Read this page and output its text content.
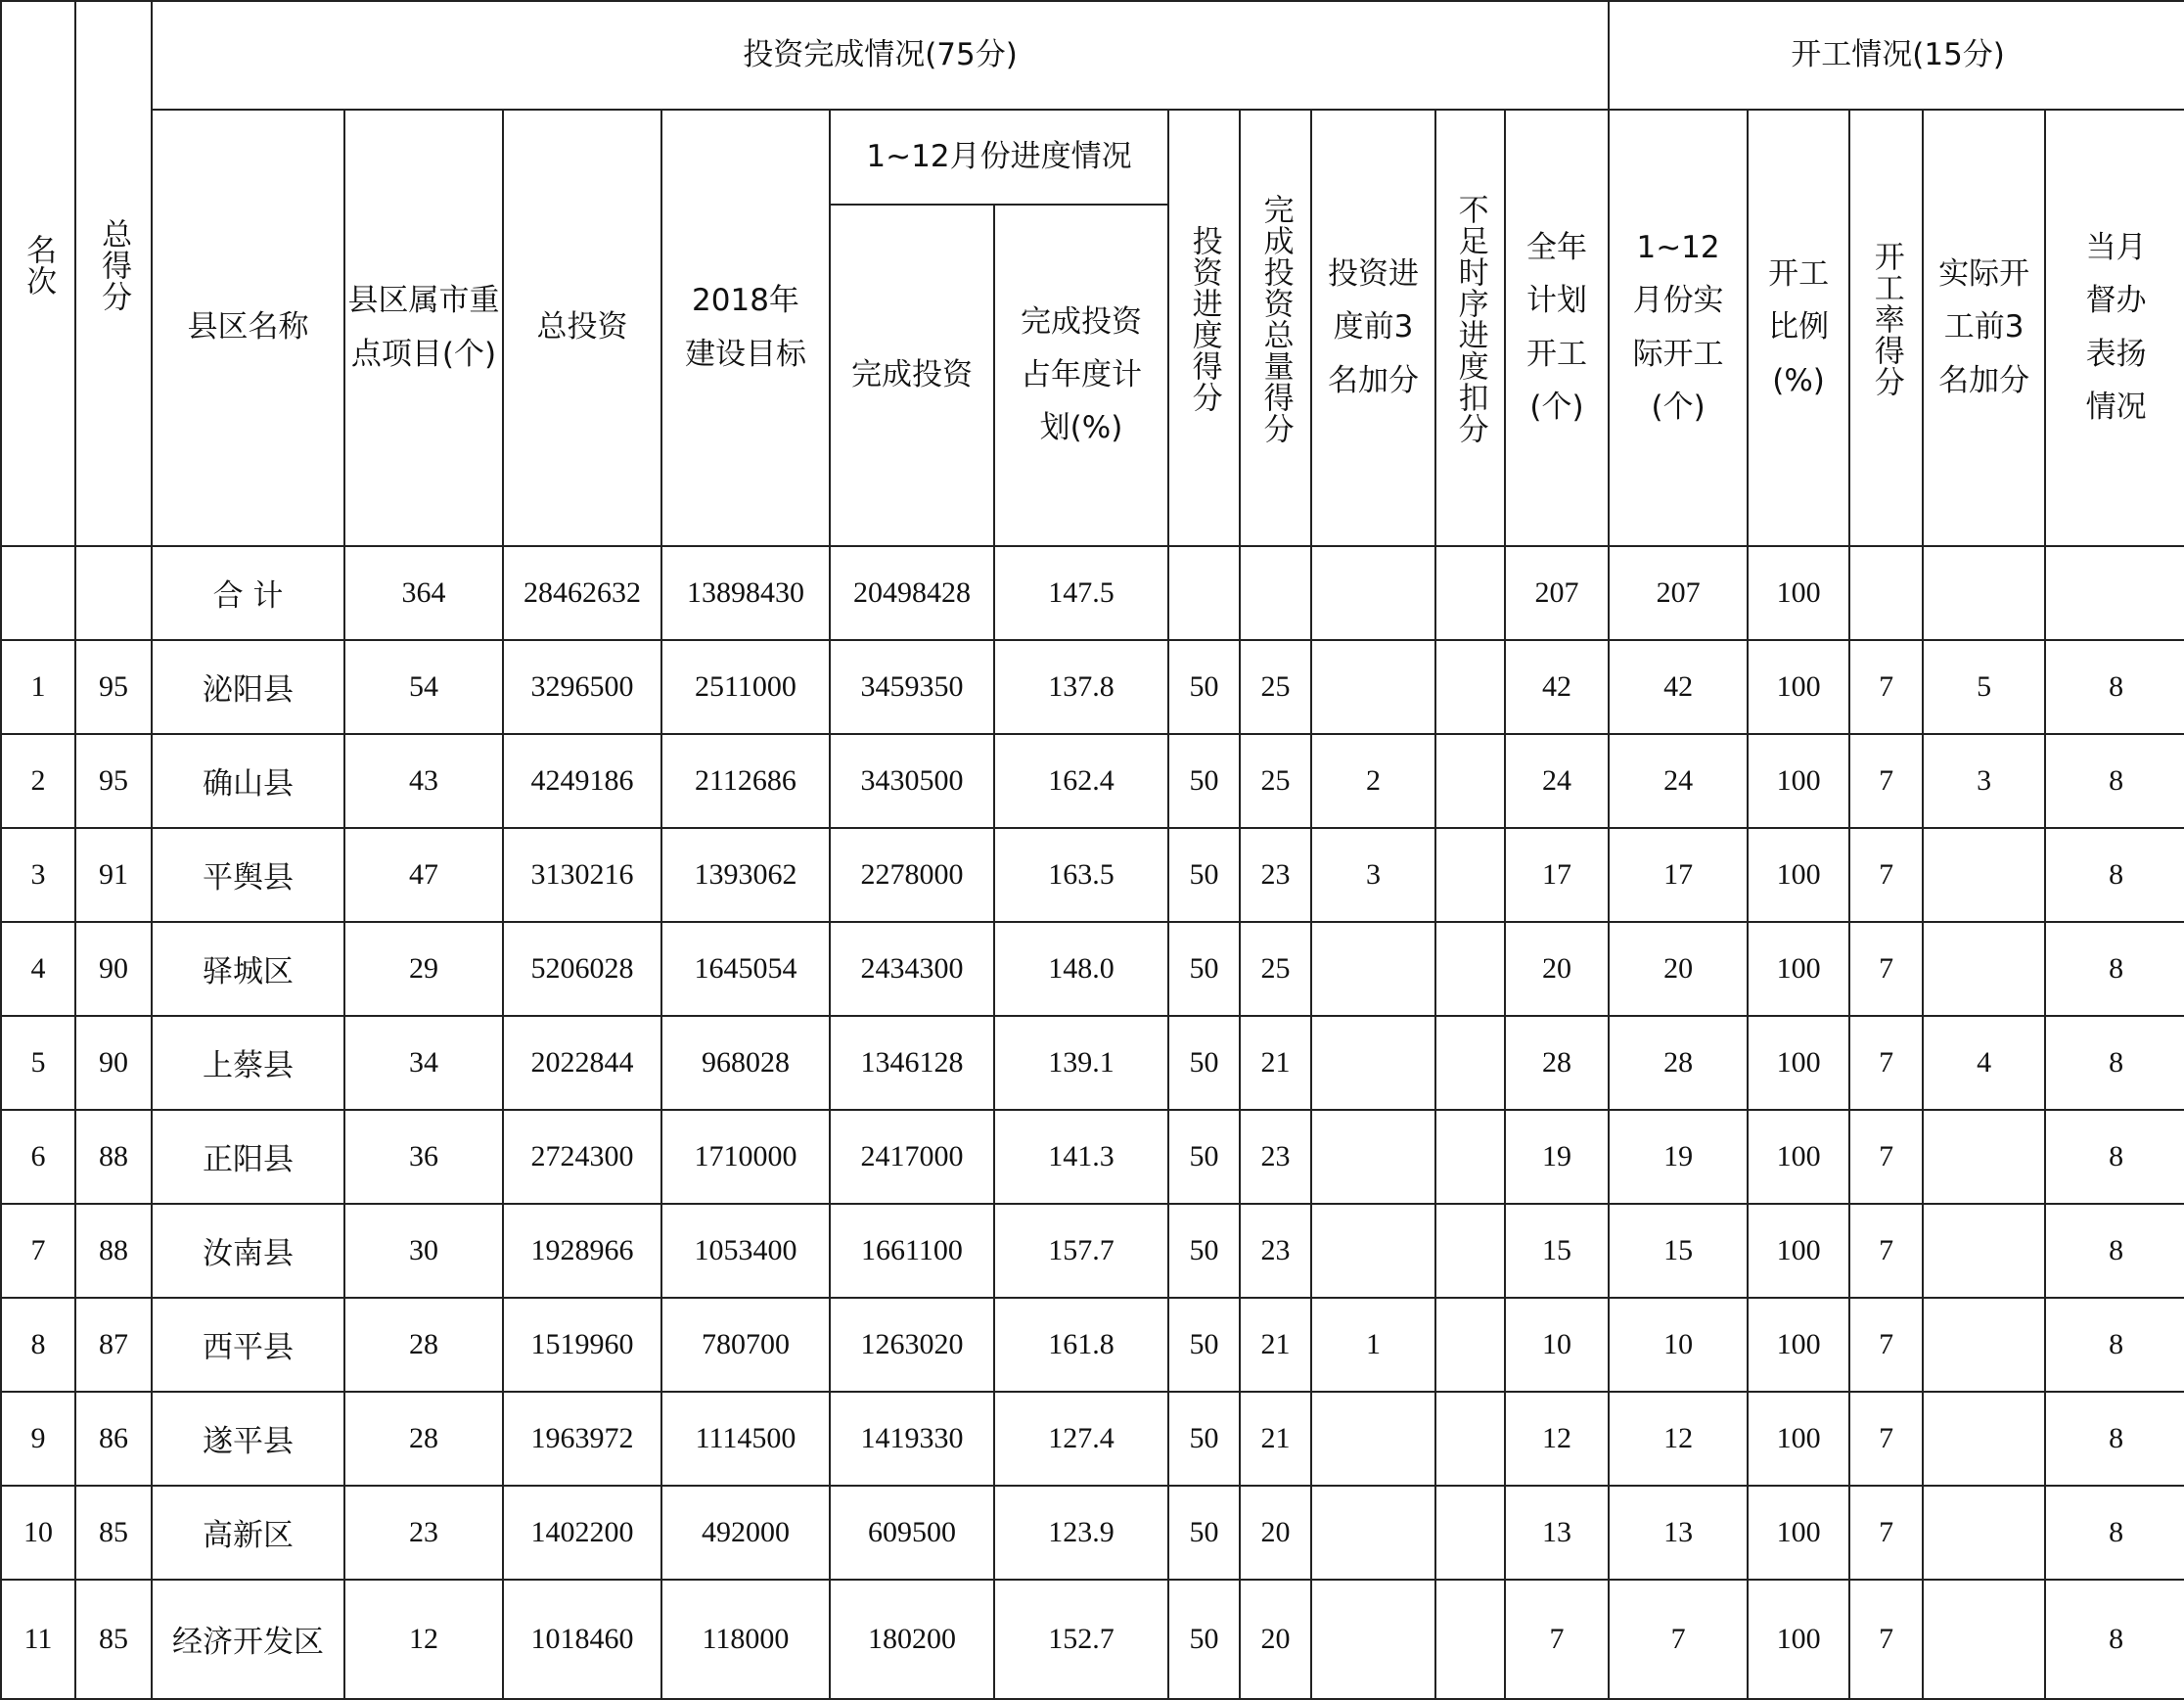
名次	总得分	投资完成情况(75分)											开工情况(15分)	
		县区名称	县区属市重点项目(个)	总投资	2018年建设目标	1~12月份进度情况		投资进度得分	完成投资总量得分	投资进度前3名加分	不足时序进度扣分	全年计划开工(个)	1~12月份实际开工(个)	开工比例(%)	开工率得分	实际开工前3名加分	当月督办表扬情况	
						完成投资	完成投资占年度计划(%)											
		合 计	364	28462632	13898430	20498428	147.5					207	207	100				
1	95	泌阳县	54	3296500	2511000	3459350	137.8	50	25			42	42	100	7	5	8	
2	95	确山县	43	4249186	2112686	3430500	162.4	50	25	2		24	24	100	7	3	8	
3	91	平舆县	47	3130216	1393062	2278000	163.5	50	23	3		17	17	100	7		8	
4	90	驿城区	29	5206028	1645054	2434300	148.0	50	25			20	20	100	7		8	
5	90	上蔡县	34	2022844	968028	1346128	139.1	50	21			28	28	100	7	4	8	
6	88	正阳县	36	2724300	1710000	2417000	141.3	50	23			19	19	100	7		8	
7	88	汝南县	30	1928966	1053400	1661100	157.7	50	23			15	15	100	7		8	
8	87	西平县	28	1519960	780700	1263020	161.8	50	21	1		10	10	100	7		8	
9	86	遂平县	28	1963972	1114500	1419330	127.4	50	21			12	12	100	7		8	
10	85	高新区	23	1402200	492000	609500	123.9	50	20			13	13	100	7		8	
11	85	经济开发区	12	1018460	118000	180200	152.7	50	20			7	7	100	7		8	
